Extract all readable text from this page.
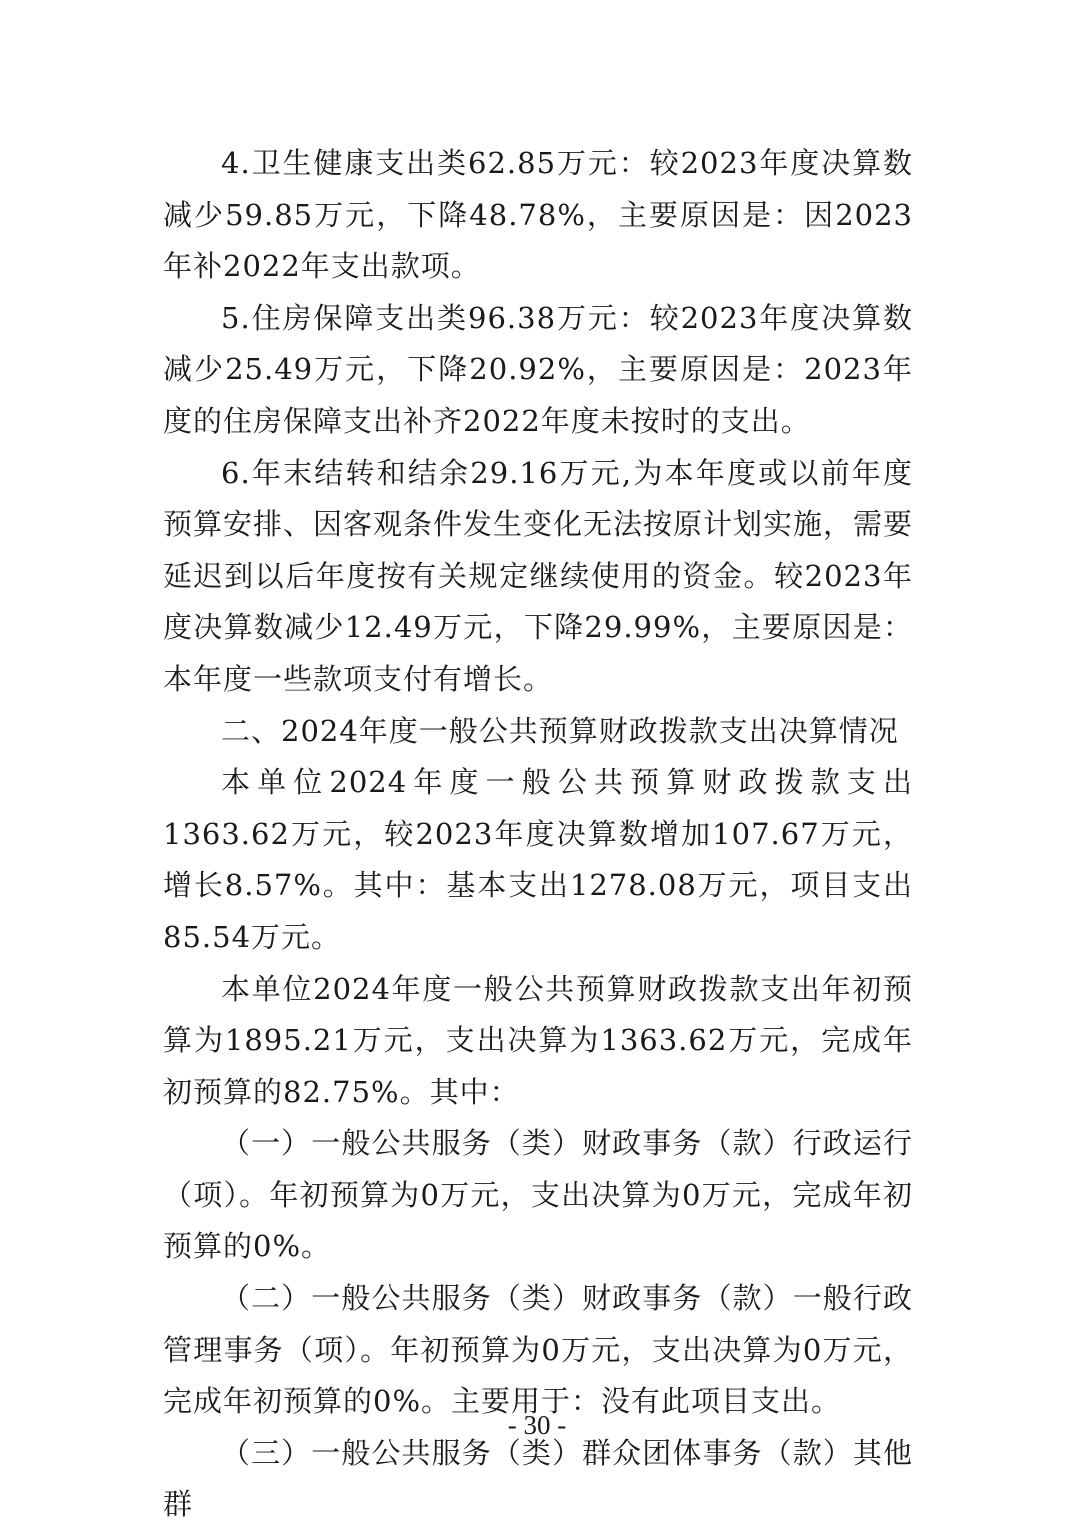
4.卫生健康支出类62.85万元：较2023年度决算数减少59.85万元，下降48.78%，主要原因是：因2023年补2022年支出款项。

5.住房保障支出类96.38万元：较2023年度决算数减少25.49万元，下降20.92%，主要原因是：2023年度的住房保障支出补齐2022年度未按时的支出。

6.年末结转和结余29.16万元,为本年度或以前年度预算安排、因客观条件发生变化无法按原计划实施，需要延迟到以后年度按有关规定继续使用的资金。较2023年度决算数减少12.49万元，下降29.99%，主要原因是：本年度一些款项支付有增长。

二、2024年度一般公共预算财政拨款支出决算情况

本单位2024年度一般公共预算财政拨款支出1363.62万元，较2023年度决算数增加107.67万元，增长8.57%。其中：基本支出1278.08万元，项目支出85.54万元。

本单位2024年度一般公共预算财政拨款支出年初预算为1895.21万元，支出决算为1363.62万元，完成年初预算的82.75%。其中：

（一）一般公共服务（类）财政事务（款）行政运行（项）。年初预算为0万元，支出决算为0万元，完成年初预算的0%。

（二）一般公共服务（类）财政事务（款）一般行政管理事务（项）。年初预算为0万元，支出决算为0万元，完成年初预算的0%。主要用于：没有此项目支出。

（三）一般公共服务（类）群众团体事务（款）其他群

- 30 -
